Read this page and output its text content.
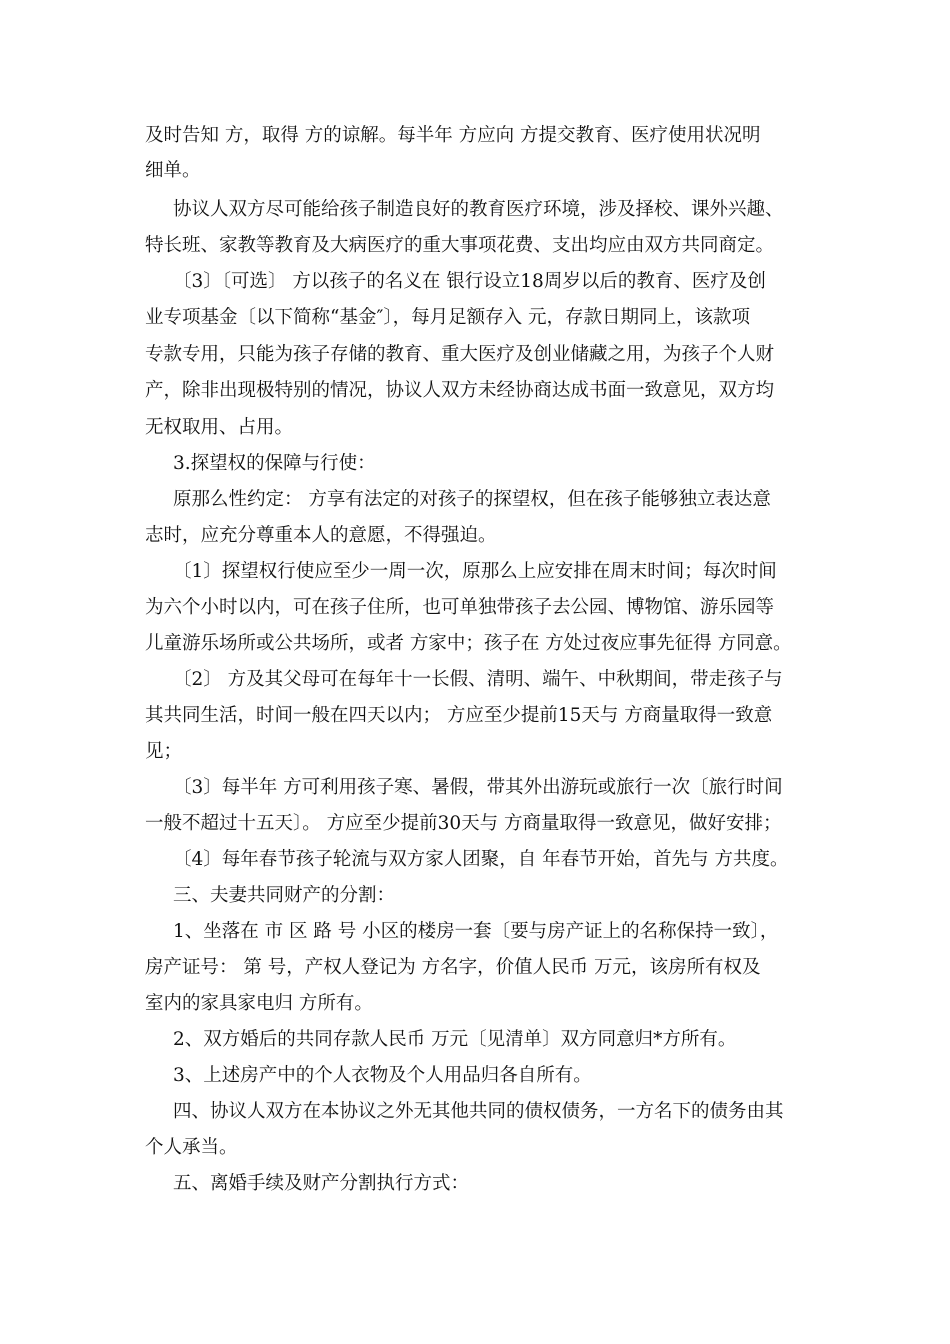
及时告知 方，取得 方的谅解。每半年 方应向 方提交教育、医疗使用状况明
细单。
协议人双方尽可能给孩子制造良好的教育医疗环境，涉及择校、课外兴趣、
特长班、家教等教育及大病医疗的重大事项花费、支出均应由双方共同商定。
〔3〕〔可选〕 方以孩子的名义在 银行设立18周岁以后的教育、医疗及创
业专项基金〔以下简称“基金″〕，每月足额存入 元，存款日期同上，该款项
专款专用，只能为孩子存储的教育、重大医疗及创业储藏之用，为孩子个人财
产，除非出现极特别的情况，协议人双方未经协商达成书面一致意见，双方均
无权取用、占用。
3.探望权的保障与行使：
原那么性约定： 方享有法定的对孩子的探望权，但在孩子能够独立表达意
志时，应充分尊重本人的意愿，不得强迫。
〔1〕探望权行使应至少一周一次，原那么上应安排在周末时间；每次时间
为六个小时以内，可在孩子住所，也可单独带孩子去公园、博物馆、游乐园等
儿童游乐场所或公共场所，或者 方家中；孩子在 方处过夜应事先征得 方同意。
〔2〕 方及其父母可在每年十一长假、清明、端午、中秋期间，带走孩子与
其共同生活，时间一般在四天以内； 方应至少提前15天与 方商量取得一致意
见；
〔3〕每半年 方可利用孩子寒、暑假，带其外出游玩或旅行一次〔旅行时间
一般不超过十五天〕。 方应至少提前30天与 方商量取得一致意见，做好安排；
〔4〕每年春节孩子轮流与双方家人团聚，自 年春节开始，首先与 方共度。
三、夫妻共同财产的分割：
1、坐落在 市 区 路 号 小区的楼房一套〔要与房产证上的名称保持一致〕，
房产证号： 第 号，产权人登记为 方名字，价值人民币 万元，该房所有权及
室内的家具家电归 方所有。
2、双方婚后的共同存款人民币 万元〔见清单〕双方同意归*方所有。
3、上述房产中的个人衣物及个人用品归各自所有。
四、协议人双方在本协议之外无其他共同的债权债务，一方名下的债务由其
个人承当。
五、离婚手续及财产分割执行方式：
